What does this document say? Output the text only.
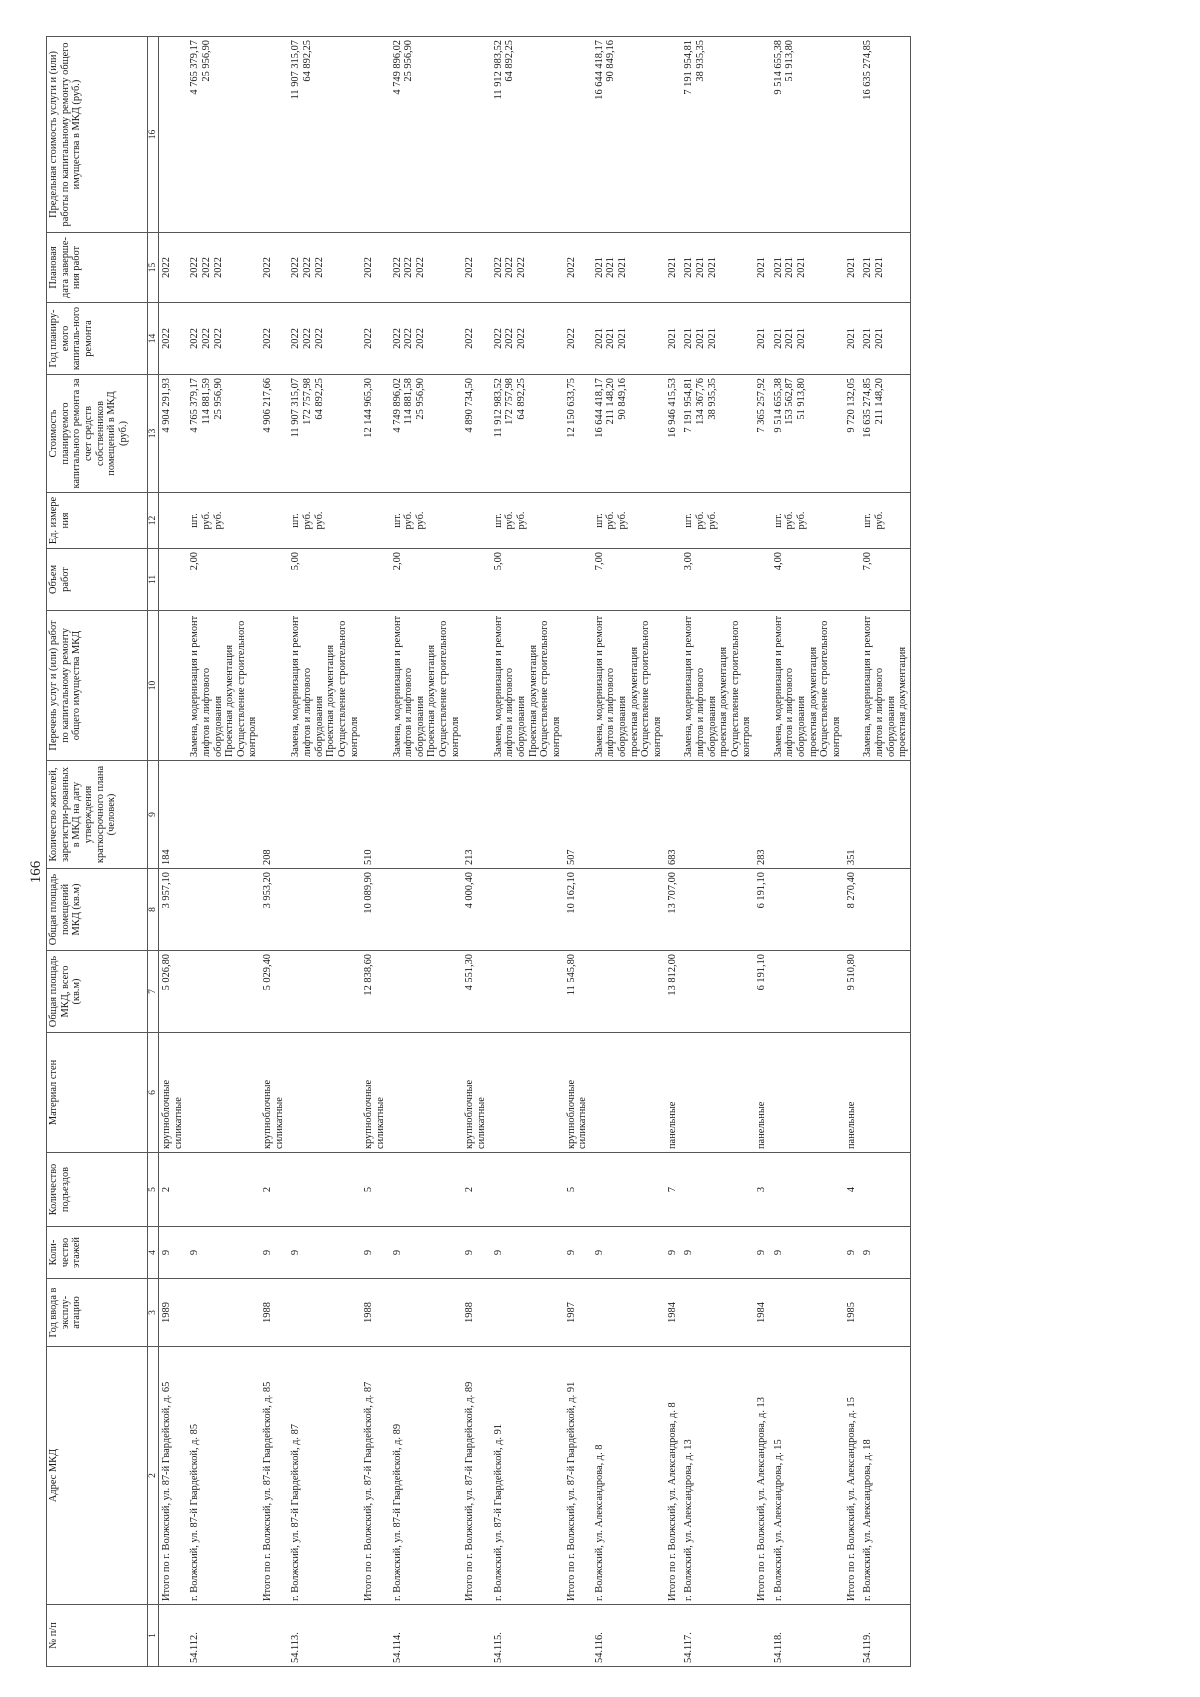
166
№ п/п	Адрес МКД	Год ввода в эксплу-атацию	Коли-чество этажей	Количество подъездов	Материал стен	Общая площадь МКД, всего (кв.м)	Общая площадь помещений МКД (кв.м)	Количество жителей, зарегистри-рованных в МКД на дату утверждения краткосрочного плана (человек)	Перечень услуг и (или) работ по капитальному ремонту общего имущества МКД	Объем работ	Ед. измере ния	Стоимость планируемого капитального ремонта за счет средств собственников помещений в МКД (руб.)	Год планиру-емого капиталь-ного ремонта	Плановая дата заверше-ния работ	Предельная стоимость услуги и (или) работы по капитальному ремонту общего имущества в МКД (руб.)
1	2	3	4	5	6	7	8	9	10	11	12	13	14	15	16
	Итого по г. Волжский, ул. 87-й Гвардейской, д. 65	1989	9	2	крупноблочные силикатные	5 026,80	3 957,10	184				4 904 291,93	2022	2022	

54.112.	г. Волжский, ул. 87-й Гвардейской, д. 85		9						Замена, модернизация и ремонт лифтов и лифтового оборудования Проектная документация Осуществление строительного контроля	2,00	шт. руб. руб.	4 765 379,17 114 881,59 25 956,90	2022 2022 2022	2022 2022 2022	4 765 379,17 25 956,90

	Итого по г. Волжский, ул. 87-й Гвардейской, д. 85	1988	9	2	крупноблочные силикатные	5 029,40	3 953,20	208				4 906 217,66	2022	2022	

54.113.	г. Волжский, ул. 87-й Гвардейской, д. 87		9						Замена, модернизация и ремонт лифтов и лифтового оборудования Проектная документация Осуществление строительного контроля	5,00	шт. руб. руб.	11 907 315,07 172 757,98 64 892,25	2022 2022 2022	2022 2022 2022	11 907 315,07 64 892,25

	Итого по г. Волжский, ул. 87-й Гвардейской, д. 87	1988	9	5	крупноблочные силикатные	12 838,60	10 089,90	510				12 144 965,30	2022	2022	

54.114.	г. Волжский, ул. 87-й Гвардейской, д. 89		9						Замена, модернизация и ремонт лифтов и лифтового оборудования Проектная документация Осуществление строительного контроля	2,00	шт. руб. руб.	4 749 896,02 114 881,58 25 956,90	2022 2022 2022	2022 2022 2022	4 749 896,02 25 956,90

	Итого по г. Волжский, ул. 87-й Гвардейской, д. 89	1988	9	2	крупноблочные силикатные	4 551,30	4 000,40	213				4 890 734,50	2022	2022	

54.115.	г. Волжский, ул. 87-й Гвардейской, д. 91		9						Замена, модернизация и ремонт лифтов и лифтового оборудования Проектная документация Осуществление строительного контроля	5,00	шт. руб. руб.	11 912 983,52 172 757,98 64 892,25	2022 2022 2022	2022 2022 2022	11 912 983,52 64 892,25

	Итого по г. Волжский, ул. 87-й Гвардейской, д. 91	1987	9	5	крупноблочные силикатные	11 545,80	10 162,10	507				12 150 633,75	2022	2022	

54.116.	г. Волжский, ул. Александрова, д. 8		9						Замена, модернизация и ремонт лифтов и лифтового оборудования проектная документация Осуществление строительного контроля	7,00	шт. руб. руб.	16 644 418,17 211 148,20 90 849,16	2021 2021 2021	2021 2021 2021	16 644 418,17 90 849,16

	Итого по г. Волжский, ул. Александрова, д. 8	1984	9	7	панельные	13 812,00	13 707,00	683				16 946 415,53	2021	2021	

54.117.	г. Волжский, ул. Александрова, д. 13		9						Замена, модернизация и ремонт лифтов и лифтового оборудования проектная документация Осуществление строительного контроля	3,00	шт. руб. руб.	7 191 954,81 134 367,76 38 935,35	2021 2021 2021	2021 2021 2021	7 191 954,81 38 935,35

	Итого по г. Волжский, ул. Александрова, д. 13	1984	9	3	панельные	6 191,10	6 191,10	283				7 365 257,92	2021	2021	

54.118.	г. Волжский, ул. Александрова, д. 15		9						Замена, модернизация и ремонт лифтов и лифтового оборудования проектная документация Осуществление строительного контроля	4,00	шт. руб. руб.	9 514 655,38 153 562,87 51 913,80	2021 2021 2021	2021 2021 2021	9 514 655,38 51 913,80

	Итого по г. Волжский, ул. Александрова, д. 15	1985	9	4	панельные	9 510,80	8 270,40	351				9 720 132,05	2021	2021	

54.119.	г. Волжский, ул. Александрова, д. 18		9						Замена, модернизация и ремонт лифтов и лифтового оборудования проектная документация	7,00	шт. руб.	16 635 274,85 211 148,20	2021 2021	2021 2021	16 635 274,85
